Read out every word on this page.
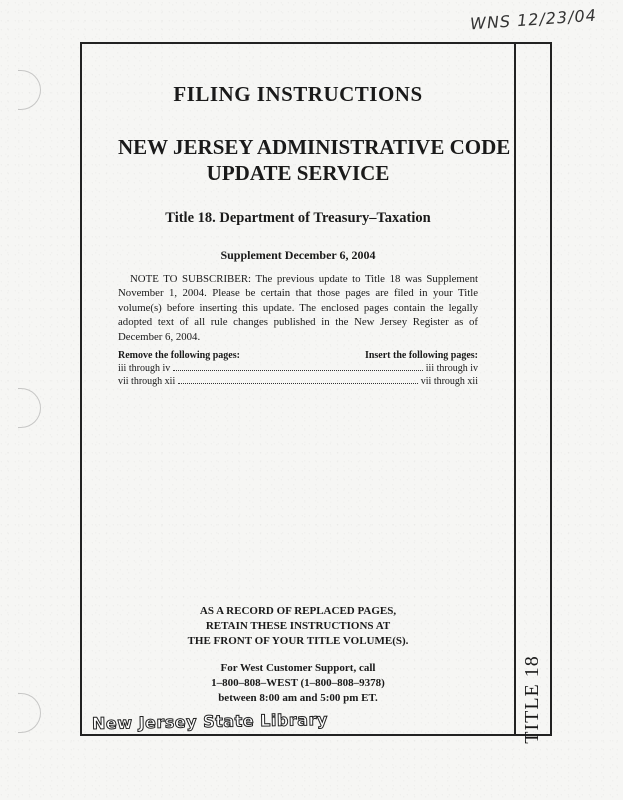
WNS 12/23/04
TITLE 18
FILING INSTRUCTIONS
NEW JERSEY ADMINISTRATIVE CODE
UPDATE SERVICE
Title 18. Department of Treasury–Taxation
Supplement December 6, 2004

NOTE TO SUBSCRIBER: The previous update to Title 18 was Supplement November 1, 2004. Please be certain that those pages are filed in your Title volume(s) before inserting this update. The enclosed pages contain the legally adopted text of all rule changes published in the New Jersey Register as of December 6, 2004.

Remove the following pages:	Insert the following pages:
iii through iv	iii through iv
vii through xii	vii through xii
AS A RECORD OF REPLACED PAGES,
RETAIN THESE INSTRUCTIONS AT
THE FRONT OF YOUR TITLE VOLUME(S).
For West Customer Support, call
1–800–808–WEST (1–800–808–9378)
between 8:00 am and 5:00 pm ET.
New Jersey State Library
